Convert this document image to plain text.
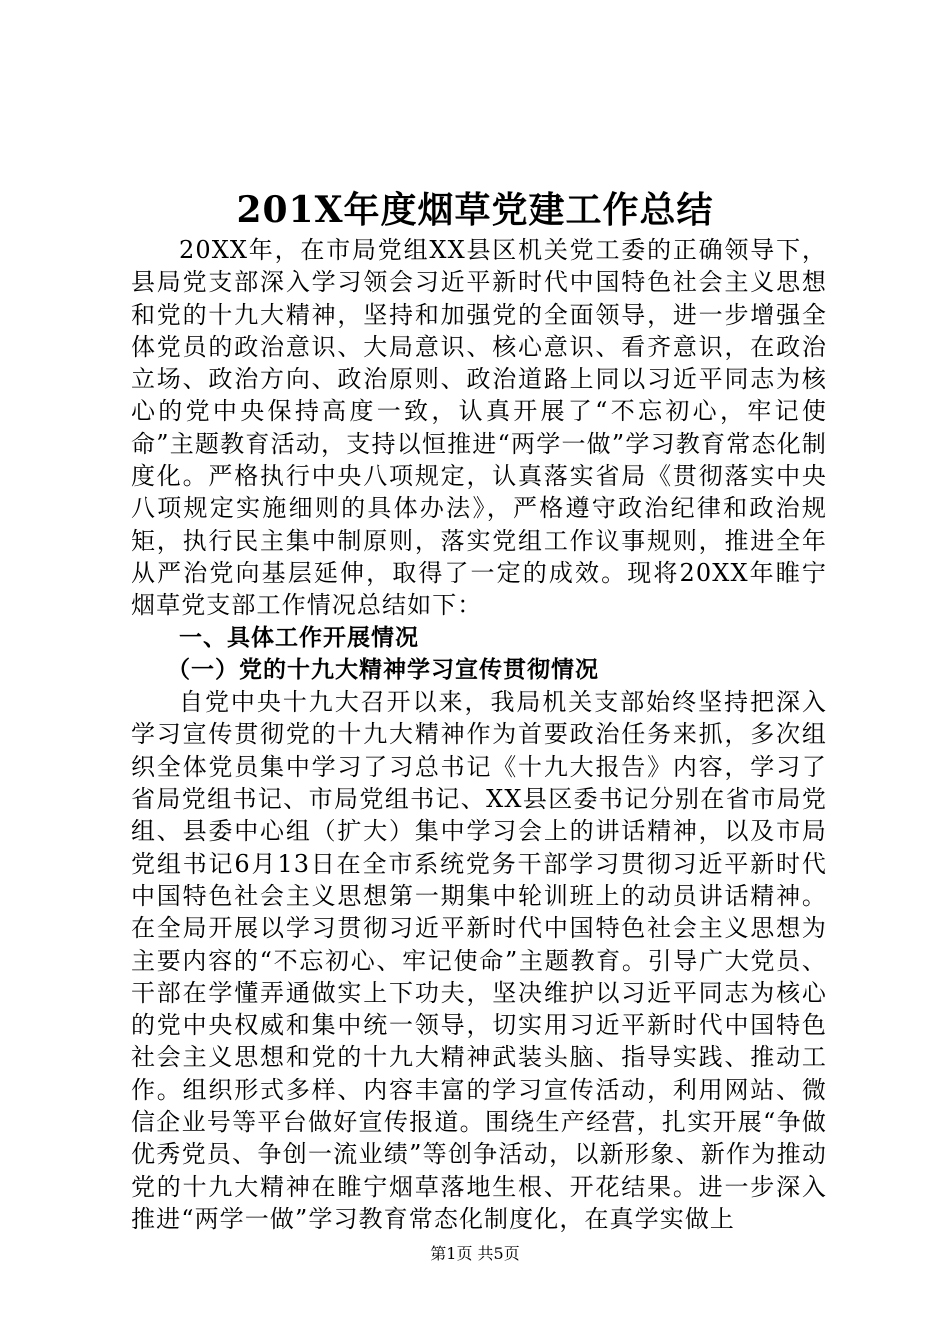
201X年度烟草党建工作总结

20XX年，在市局党组XX县区机关党工委的正确领导下，县局党支部深入学习领会习近平新时代中国特色社会主义思想和党的十九大精神，坚持和加强党的全面领导，进一步增强全体党员的政治意识、大局意识、核心意识、看齐意识，在政治立场、政治方向、政治原则、政治道路上同以习近平同志为核心的党中央保持高度一致，认真开展了“不忘初心，牢记使命”主题教育活动，支持以恒推进“两学一做”学习教育常态化制度化。严格执行中央八项规定，认真落实省局《贯彻落实中央八项规定实施细则的具体办法》，严格遵守政治纪律和政治规矩，执行民主集中制原则，落实党组工作议事规则，推进全年从严治党向基层延伸，取得了一定的成效。现将20XX年睢宁烟草党支部工作情况总结如下：

一、具体工作开展情况

（一）党的十九大精神学习宣传贯彻情况

自党中央十九大召开以来，我局机关支部始终坚持把深入学习宣传贯彻党的十九大精神作为首要政治任务来抓，多次组织全体党员集中学习了习总书记《十九大报告》内容，学习了省局党组书记、市局党组书记、XX县区委书记分别在省市局党组、县委中心组（扩大）集中学习会上的讲话精神，以及市局党组书记6月13日在全市系统党务干部学习贯彻习近平新时代中国特色社会主义思想第一期集中轮训班上的动员讲话精神。在全局开展以学习贯彻习近平新时代中国特色社会主义思想为主要内容的“不忘初心、牢记使命”主题教育。引导广大党员、干部在学懂弄通做实上下功夫，坚决维护以习近平同志为核心的党中央权威和集中统一领导，切实用习近平新时代中国特色社会主义思想和党的十九大精神武装头脑、指导实践、推动工作。组织形式多样、内容丰富的学习宣传活动，利用网站、微信企业号等平台做好宣传报道。围绕生产经营，扎实开展“争做优秀党员、争创一流业绩”等创争活动，以新形象、新作为推动党的十九大精神在睢宁烟草落地生根、开花结果。进一步深入推进“两学一做”学习教育常态化制度化，在真学实做上

第1页 共5页
